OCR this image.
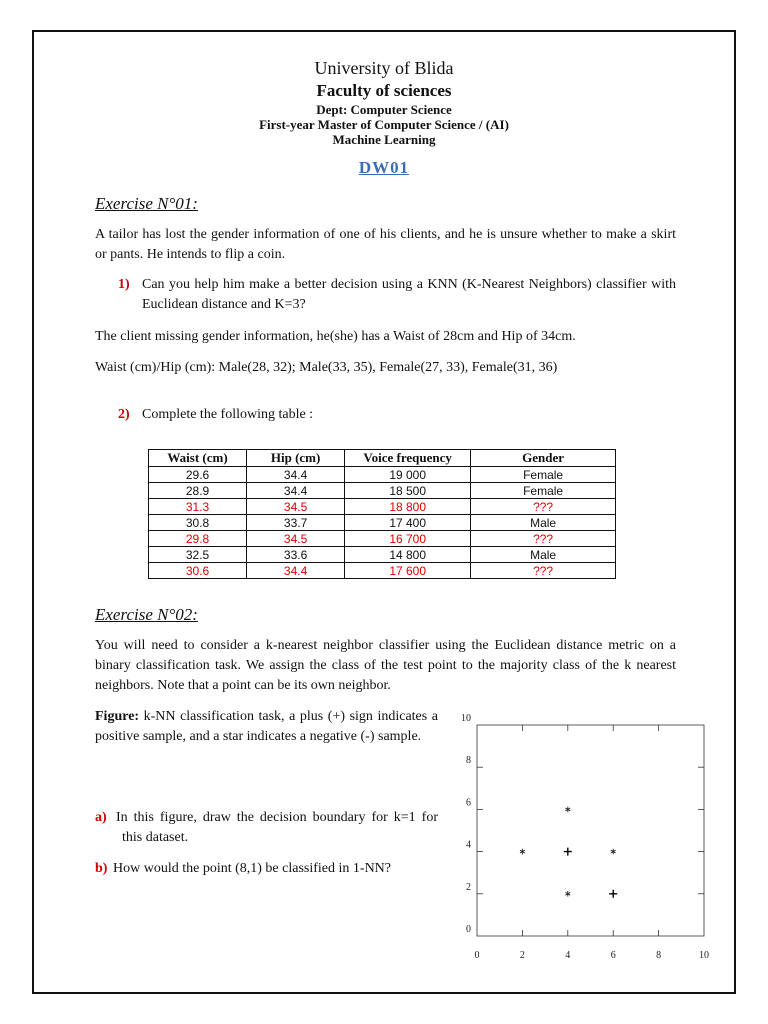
University of Blida
Faculty of sciences
Dept: Computer Science
First-year Master of Computer Science / (AI)
Machine Learning
DW01
Exercise N°01:
A tailor has lost the gender information of one of his clients, and he is unsure whether to make a skirt or pants. He intends to flip a coin.
1) Can you help him make a better decision using a KNN (K-Nearest Neighbors) classifier with Euclidean distance and K=3?
The client missing gender information, he(she) has a Waist of 28cm and Hip of 34cm.
Waist (cm)/Hip (cm): Male(28, 32); Male(33, 35), Female(27, 33), Female(31, 36)
2) Complete the following table :
Waist (cm)	Hip (cm)	Voice frequency	Gender
29.6	34.4	19 000	Female
28.9	34.4	18 500	Female
31.3	34.5	18 800	???
30.8	33.7	17 400	Male
29.8	34.5	16 700	???
32.5	33.6	14 800	Male
30.6	34.4	17 600	???
Exercise N°02:
You will need to consider a k-nearest neighbor classifier using the Euclidean distance metric on a binary classification task. We assign the class of the test point to the majority class of the k nearest neighbors. Note that a point can be its own neighbor.
Figure: k-NN classification task, a plus (+) sign indicates a positive sample, and a star indicates a negative (-) sample.
a) In this figure, draw the decision boundary for k=1 for this dataset.
b) How would the point (8,1) be classified in 1-NN?
0	2	4	6	8	10
0
2
4
6
8
10
